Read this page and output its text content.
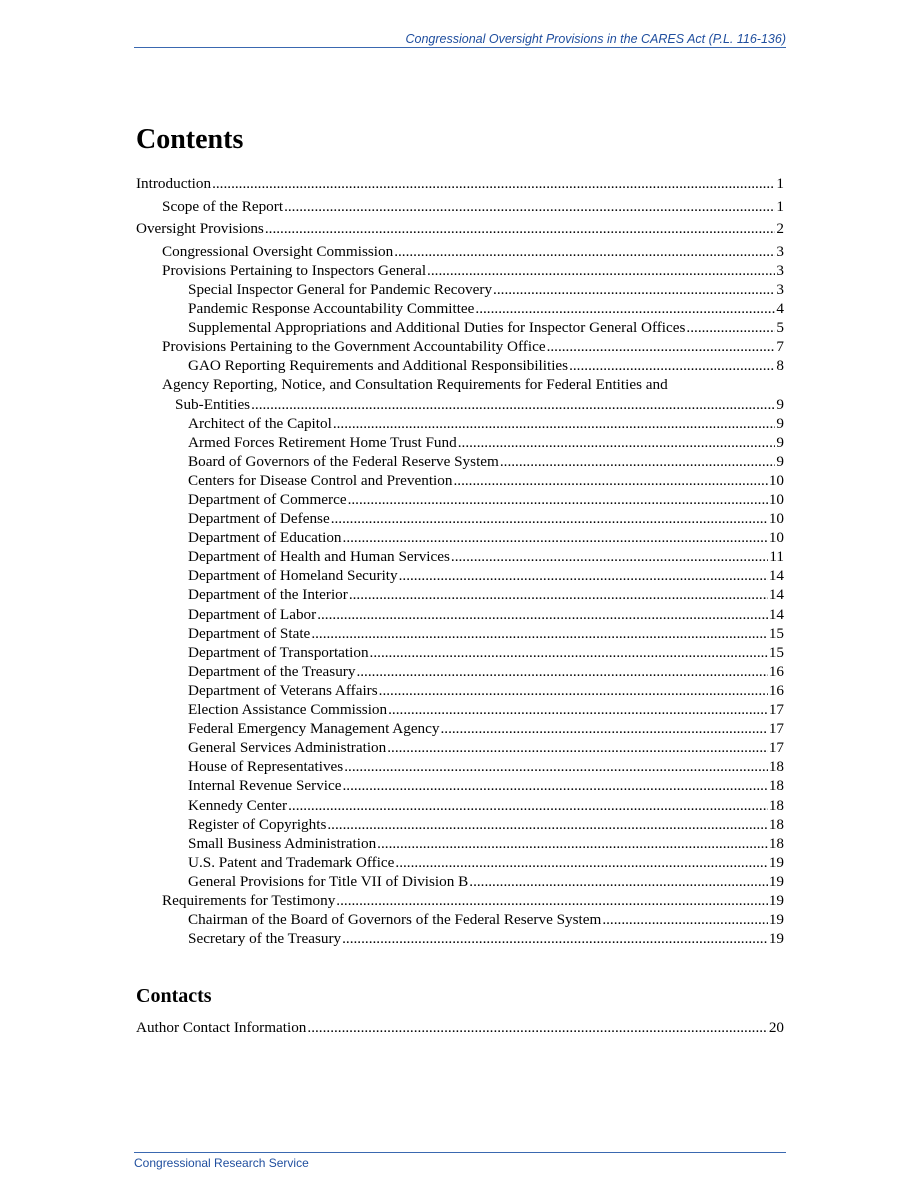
Congressional Oversight Provisions in the CARES Act (P.L. 116-136)
Contents
Introduction .....	1
Scope of the Report .....	1
Oversight Provisions .....	2
Congressional Oversight Commission .....	3
Provisions Pertaining to Inspectors General .....	3
Special Inspector General for Pandemic Recovery .....	3
Pandemic Response Accountability Committee .....	4
Supplemental Appropriations and Additional Duties for Inspector General Offices .....	5
Provisions Pertaining to the Government Accountability Office .....	7
GAO Reporting Requirements and Additional Responsibilities .....	8
Agency Reporting, Notice, and Consultation Requirements for Federal Entities and
Sub-Entities .....	9
Architect of the Capitol .....	9
Armed Forces Retirement Home Trust Fund .....	9
Board of Governors of the Federal Reserve System .....	9
Centers for Disease Control and Prevention .....	10
Department of Commerce .....	10
Department of Defense .....	10
Department of Education .....	10
Department of Health and Human Services .....	11
Department of Homeland Security .....	14
Department of the Interior .....	14
Department of Labor .....	14
Department of State .....	15
Department of Transportation .....	15
Department of the Treasury .....	16
Department of Veterans Affairs .....	16
Election Assistance Commission .....	17
Federal Emergency Management Agency .....	17
General Services Administration .....	17
House of Representatives .....	18
Internal Revenue Service .....	18
Kennedy Center .....	18
Register of Copyrights .....	18
Small Business Administration .....	18
U.S. Patent and Trademark Office .....	19
General Provisions for Title VII of Division B .....	19
Requirements for Testimony .....	19
Chairman of the Board of Governors of the Federal Reserve System .....	19
Secretary of the Treasury .....	19
Contacts
Author Contact Information .....	20
Congressional Research Service
